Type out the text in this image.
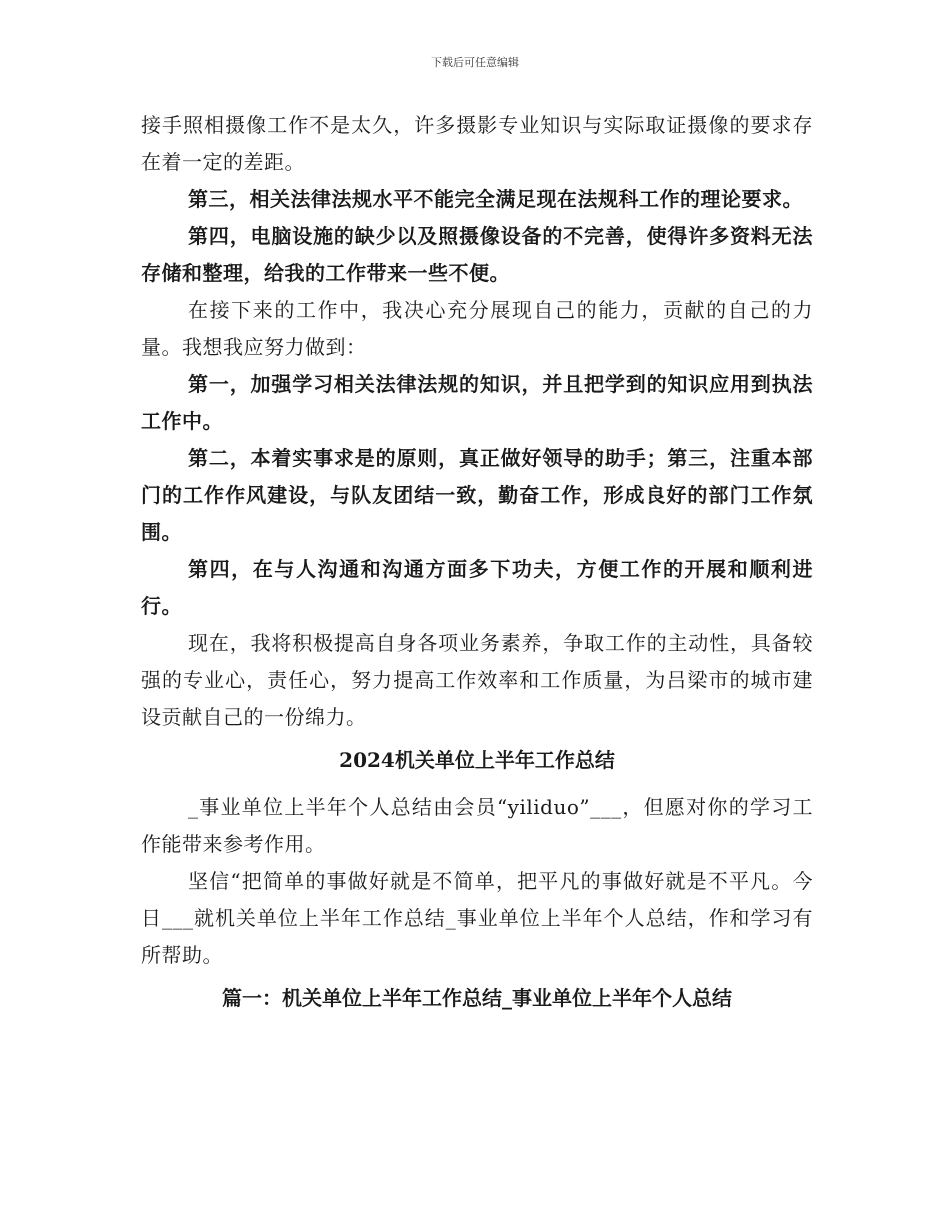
下载后可任意编辑

接手照相摄像工作不是太久，许多摄影专业知识与实际取证摄像的要求存在着一定的差距。

第三，相关法律法规水平不能完全满足现在法规科工作的理论要求。

第四，电脑设施的缺少以及照摄像设备的不完善，使得许多资料无法存储和整理，给我的工作带来一些不便。

在接下来的工作中，我决心充分展现自己的能力，贡献的自己的力量。我想我应努力做到：

第一，加强学习相关法律法规的知识，并且把学到的知识应用到执法工作中。

第二，本着实事求是的原则，真正做好领导的助手；第三，注重本部门的工作作风建设，与队友团结一致，勤奋工作，形成良好的部门工作氛围。

第四，在与人沟通和沟通方面多下功夫，方便工作的开展和顺利进行。

现在，我将积极提高自身各项业务素养，争取工作的主动性，具备较强的专业心，责任心，努力提高工作效率和工作质量，为吕梁市的城市建设贡献自己的一份绵力。

2024机关单位上半年工作总结

_事业单位上半年个人总结由会员“yiliduo”___，但愿对你的学习工作能带来参考作用。

坚信“把简单的事做好就是不简单，把平凡的事做好就是不平凡。今日___就机关单位上半年工作总结_事业单位上半年个人总结，作和学习有所帮助。

篇一：机关单位上半年工作总结_事业单位上半年个人总结
